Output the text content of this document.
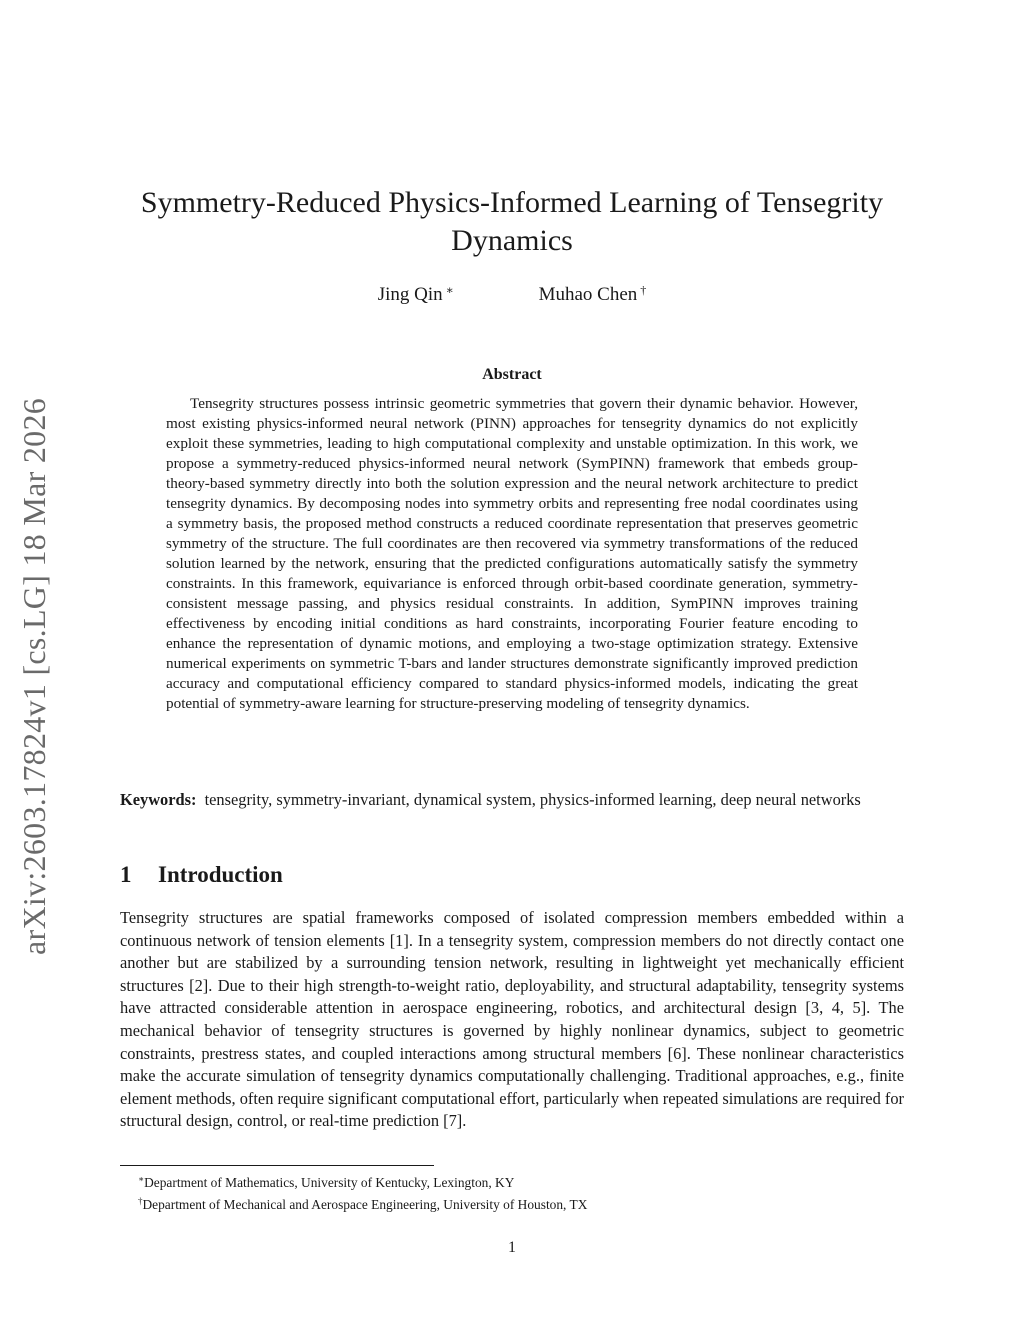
arXiv:2603.17824v1 [cs.LG] 18 Mar 2026
Symmetry-Reduced Physics-Informed Learning of Tensegrity Dynamics
Jing Qin ∗	Muhao Chen †
Abstract

Tensegrity structures possess intrinsic geometric symmetries that govern their dynamic behavior. However, most existing physics-informed neural network (PINN) approaches for tensegrity dynamics do not explicitly exploit these symmetries, leading to high computational complexity and unstable optimization. In this work, we propose a symmetry-reduced physics-informed neural network (SymPINN) framework that embeds group-theory-based symmetry directly into both the solution expression and the neural network architecture to predict tensegrity dynamics. By decomposing nodes into symmetry orbits and representing free nodal coordinates using a symmetry basis, the proposed method constructs a reduced coordinate representation that preserves geometric symmetry of the structure. The full coordinates are then recovered via symmetry transformations of the reduced solution learned by the network, ensuring that the predicted configurations automatically satisfy the symmetry constraints. In this framework, equivariance is enforced through orbit-based coordinate generation, symmetry-consistent message passing, and physics residual constraints. In addition, SymPINN improves training effectiveness by encoding initial conditions as hard constraints, incorporating Fourier feature encoding to enhance the representation of dynamic motions, and employing a two-stage optimization strategy. Extensive numerical experiments on symmetric T-bars and lander structures demonstrate significantly improved prediction accuracy and computational efficiency compared to standard physics-informed models, indicating the great potential of symmetry-aware learning for structure-preserving modeling of tensegrity dynamics.

Keywords: tensegrity, symmetry-invariant, dynamical system, physics-informed learning, deep neural networks

1 Introduction

Tensegrity structures are spatial frameworks composed of isolated compression members embedded within a continuous network of tension elements [1]. In a tensegrity system, compression members do not directly contact one another but are stabilized by a surrounding tension network, resulting in lightweight yet mechanically efficient structures [2]. Due to their high strength-to-weight ratio, deployability, and structural adaptability, tensegrity systems have attracted considerable attention in aerospace engineering, robotics, and architectural design [3, 4, 5]. The mechanical behavior of tensegrity structures is governed by highly nonlinear dynamics, subject to geometric constraints, prestress states, and coupled interactions among structural members [6]. These nonlinear characteristics make the accurate simulation of tensegrity dynamics computationally challenging. Traditional approaches, e.g., finite element methods, often require significant computational effort, particularly when repeated simulations are required for structural design, control, or real-time prediction [7].

∗Department of Mathematics, University of Kentucky, Lexington, KY
†Department of Mechanical and Aerospace Engineering, University of Houston, TX
1
